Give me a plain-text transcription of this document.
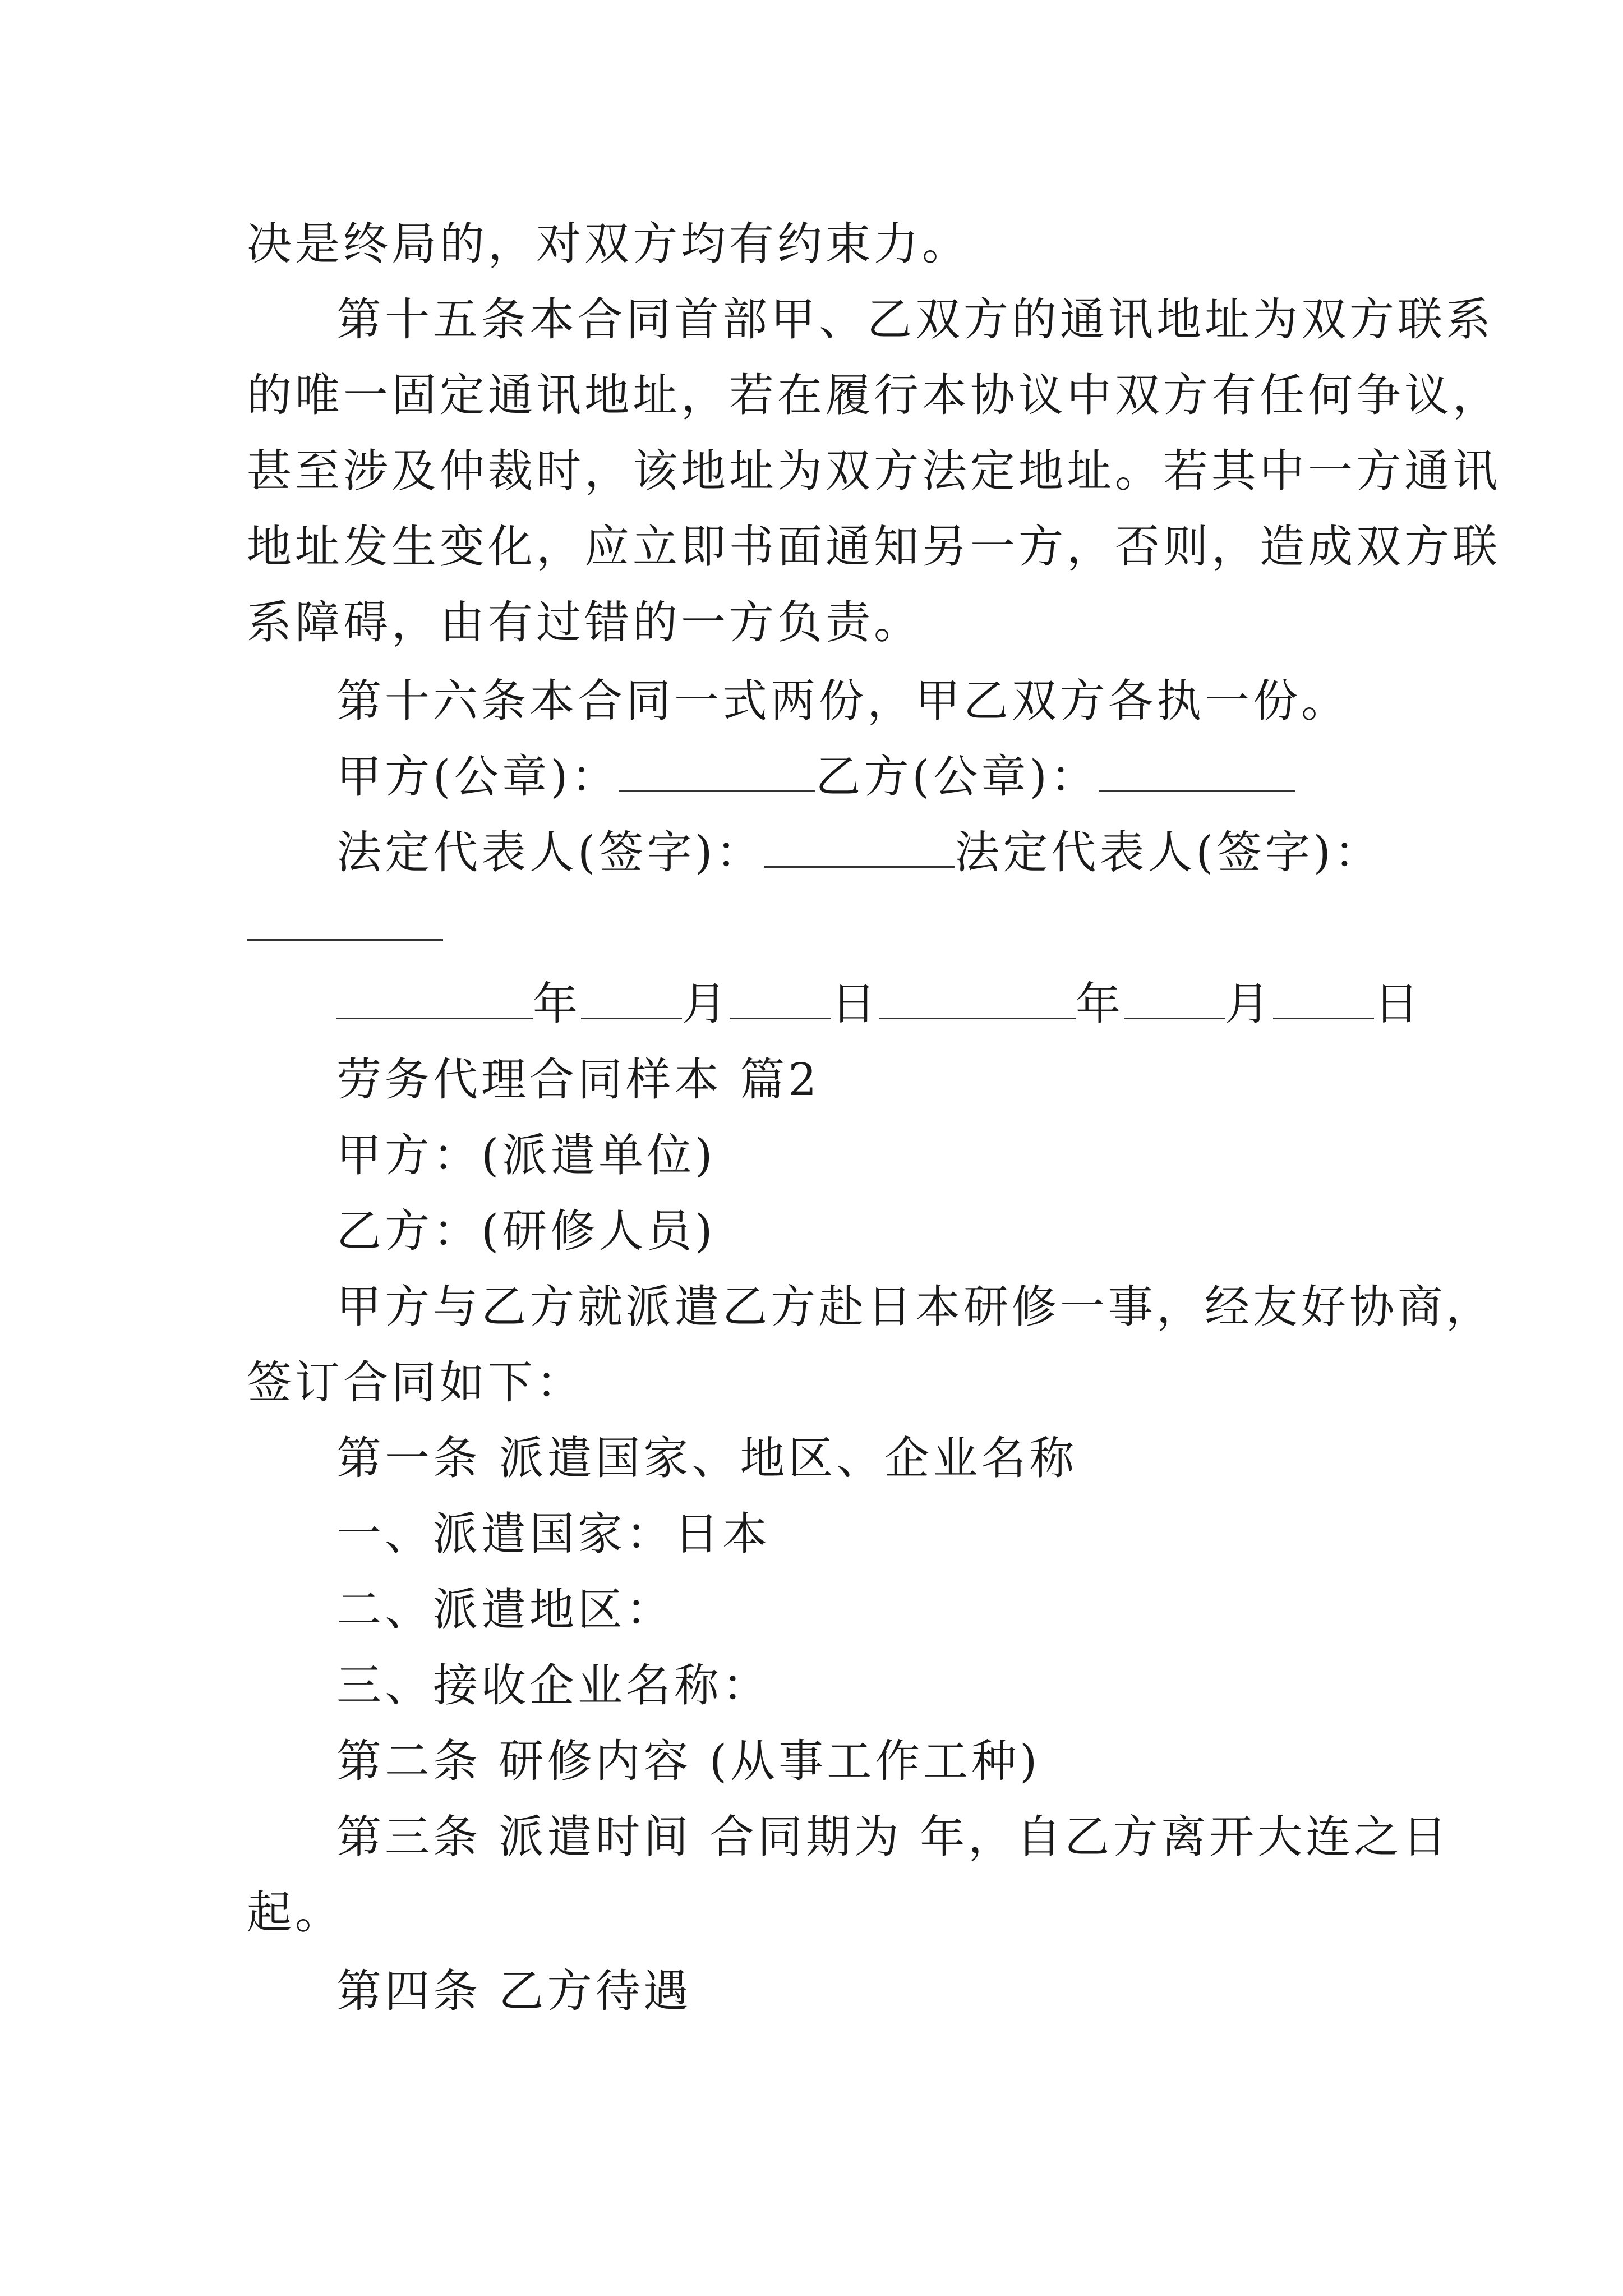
决是终局的，对双方均有约束力。
第十五条本合同首部甲、乙双方的通讯地址为双方联系
的唯一固定通讯地址，若在履行本协议中双方有任何争议，
甚至涉及仲裁时，该地址为双方法定地址。若其中一方通讯
地址发生变化，应立即书面通知另一方，否则，造成双方联
系障碍，由有过错的一方负责。
第十六条本合同一式两份，甲乙双方各执一份。
甲方(公章)：	乙方(公章)：
法定代表人(签字)：	法定代表人(签字)：
年 月 日	年 月 日
劳务代理合同样本 篇2
甲方：(派遣单位)
乙方：(研修人员)
甲方与乙方就派遣乙方赴日本研修一事，经友好协商，
签订合同如下：
第一条 派遣国家、地区、企业名称
一、派遣国家：日本
二、派遣地区：
三、接收企业名称：
第二条 研修内容 (从事工作工种)
第三条 派遣时间 合同期为 年，自乙方离开大连之日
起。
第四条 乙方待遇
